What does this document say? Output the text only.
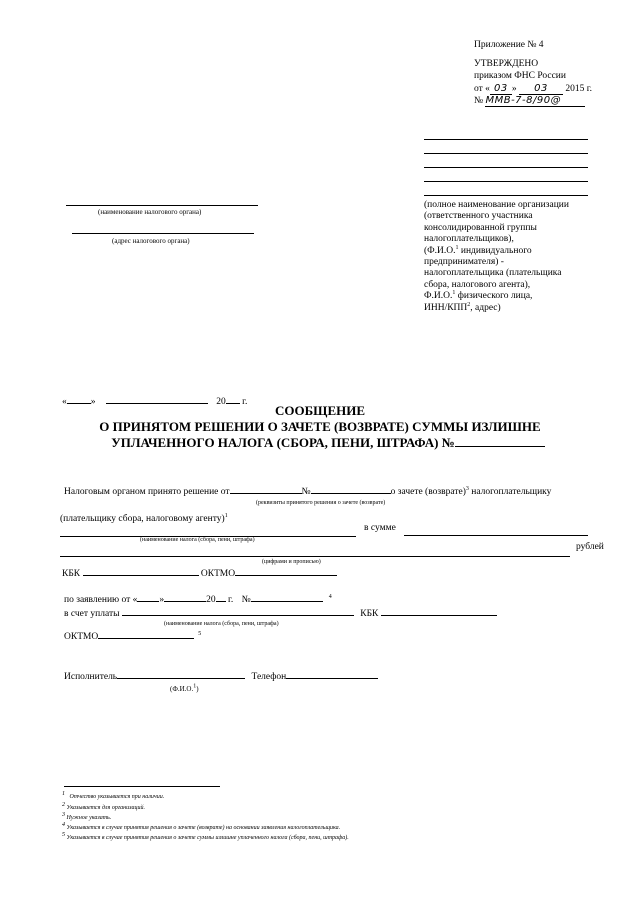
Приложение № 4
УТВЕРЖДЕНО
приказом ФНС России
от « 03 » 03 2015 г.
№ ММВ-7-8/90@
(наименование налогового органа)
(адрес налогового органа)
(полное наименование организации
(ответственного участника
консолидированной группы
налогоплательщиков),
(Ф.И.О.$^1$ индивидуального
предпринимателя) -
налогоплательщика (плательщика
сбора, налогового агента),
Ф.И.О.$^1$ физического лица,
ИНН/КПП$^2$, адрес)
«	»	20 г.
СООБЩЕНИЕ
О ПРИНЯТОМ РЕШЕНИИ О ЗАЧЕТЕ (ВОЗВРАТЕ) СУММЫ ИЗЛИШНЕ
УПЛАЧЕННОГО НАЛОГА (СБОРА, ПЕНИ, ШТРАФА) №
Налоговым органом принято решение от	№	о зачете (возврате)$^3$ налогоплательщику
(реквизиты принятого решения о зачете (возврате)
(плательщику сбора, налоговому агенту)$^1$
в сумме
(наименование налога (сбора, пени, штрафа)
рублей
(цифрами и прописью)
КБК	ОКТМО
по заявлению от « »	20 г. №	$^4$
в счет уплаты	КБК
(наименование налога (сбора, пени, штрафа)
ОКТМО	$^5$
Исполнитель	Телефон
(Ф.И.О.$^1$)
$^1$ Отчество указывается при наличии.
$^2$ Указывается для организаций.
$^3$ Нужное указать.
$^4$ Указывается в случае принятия решения о зачете (возврате) на основании заявления налогоплательщика.
$^5$ Указывается в случае принятия решения о зачете суммы излишне уплаченного налога (сбора, пени, штрафа).
